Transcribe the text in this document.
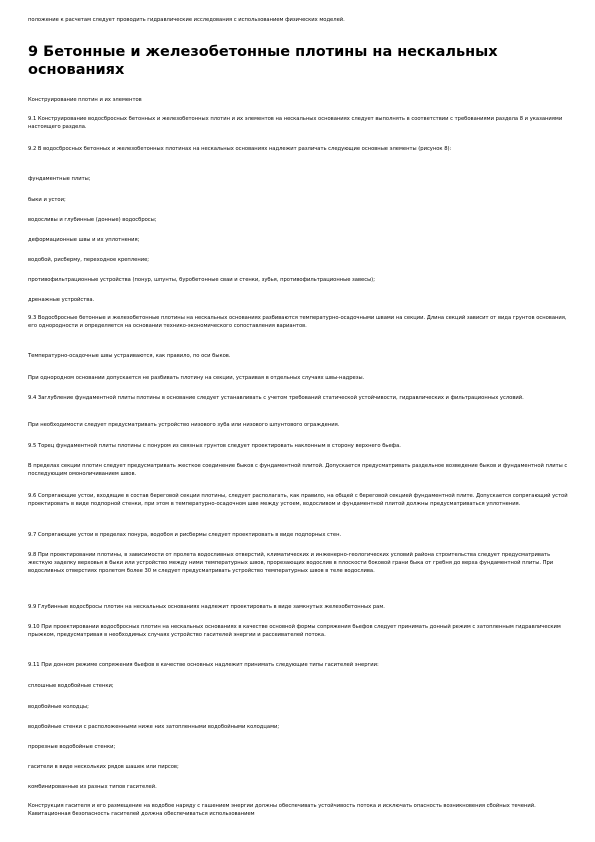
положение к расчетам следует проводить гидравлические исследования с использованием физических моделей.

9 Бетонные и железобетонные плотины на нескальных основаниях

Конструирование плотин и их элементов

9.1 Конструирование водосбросных бетонных и железобетонных плотин и их элементов на нескальных основаниях следует выполнять в соответствии с требованиями раздела 8 и указаниями настоящего раздела.

9.2 В водосбросных бетонных и железобетонных плотинах на нескальных основаниях надлежит различать следующие основные элементы (рисунок 8):

фундаментные плиты;

быки и устои;

водосливы и глубинные (донные) водосбросы;

деформационные швы и их уплотнения;

водобой, рисберму, переходное крепление;

противофильтрационные устройства (понур, шпунты, буробетонные сваи и стенки, зубья, противофильтрационные завесы);

дренажные устройства.

9.3 Водосбросные бетонные и железобетонные плотины на нескальных основаниях разбиваются температурно-осадочными швами на секции. Длина секций зависит от вида грунтов основания, его однородности и определяется на основании технико-экономического сопоставления вариантов.

Температурно-осадочные швы устраиваются, как правило, по оси быков.

При однородном основании допускается не разбивать плотину на секции, устраивая в отдельных случаях швы-надрезы.

9.4 Заглубление фундаментной плиты плотины в основание следует устанавливать с учетом требований статической устойчивости, гидравлических и фильтрационных условий.

При необходимости следует предусматривать устройство низового зуба или низового шпунтового ограждения.

9.5 Торец фундаментной плиты плотины с понуром из связных грунтов следует проектировать наклонным в сторону верхнего бьефа.

В пределах секции плотин следует предусматривать жесткое соединение быков с фундаментной плитой. Допускается предусматривать раздельное возведение быков и фундаментной плиты с последующим омоноличиванием швов.

9.6 Сопрягающие устои, входящие в состав береговой секции плотины, следует располагать, как правило, на общей с береговой секцией фундаментной плите. Допускается сопрягающий устой проектировать в виде подпорной стенки, при этом в температурно-осадочном шве между устоем, водосливом и фундаментной плитой должны предусматриваться уплотнения.

9.7 Сопрягающие устои в пределах понура, водобоя и рисбермы следует проектировать в виде подпорных стен.

9.8 При проектировании плотины, в зависимости от пролета водосливных отверстий, климатических и инженерно-геологических условий района строительства следует предусматривать жесткую заделку верховья в быки или устройство между ними температурных швов, прорезающих водослив в плоскости боковой грани быка от гребня до верха фундаментной плиты. При водосливных отверстиях пролетом более 30 м следует предусматривать устройство температурных швов в теле водослива.

9.9 Глубинные водосбросы плотин на нескальных основаниях надлежит проектировать в виде замкнутых железобетонных рам.

9.10 При проектировании водосбросных плотин на нескальных основаниях в качестве основной формы сопряжения бьефов следует принимать донный режим с затопленным гидравлическим прыжком, предусматривая в необходимых случаях устройство гасителей энергии и рассеивателей потока.

9.11 При донном режиме сопряжения бьефов в качестве основных надлежит принимать следующие типы гасителей энергии:

сплошные водобойные стенки;

водобойные колодцы;

водобойные стенки с расположенными ниже них затопленными водобойными колодцами;

прорезные водобойные стенки;

гасители в виде нескольких рядов шашек или пирсов;

комбинированные из разных типов гасителей.

Конструкция гасителя и его размещение на водобое наряду с гашением энергии должны обеспечивать устойчивость потока и исключать опасность возникновения сбойных течений. Кавитационная безопасность гасителей должна обеспечиваться использованием
